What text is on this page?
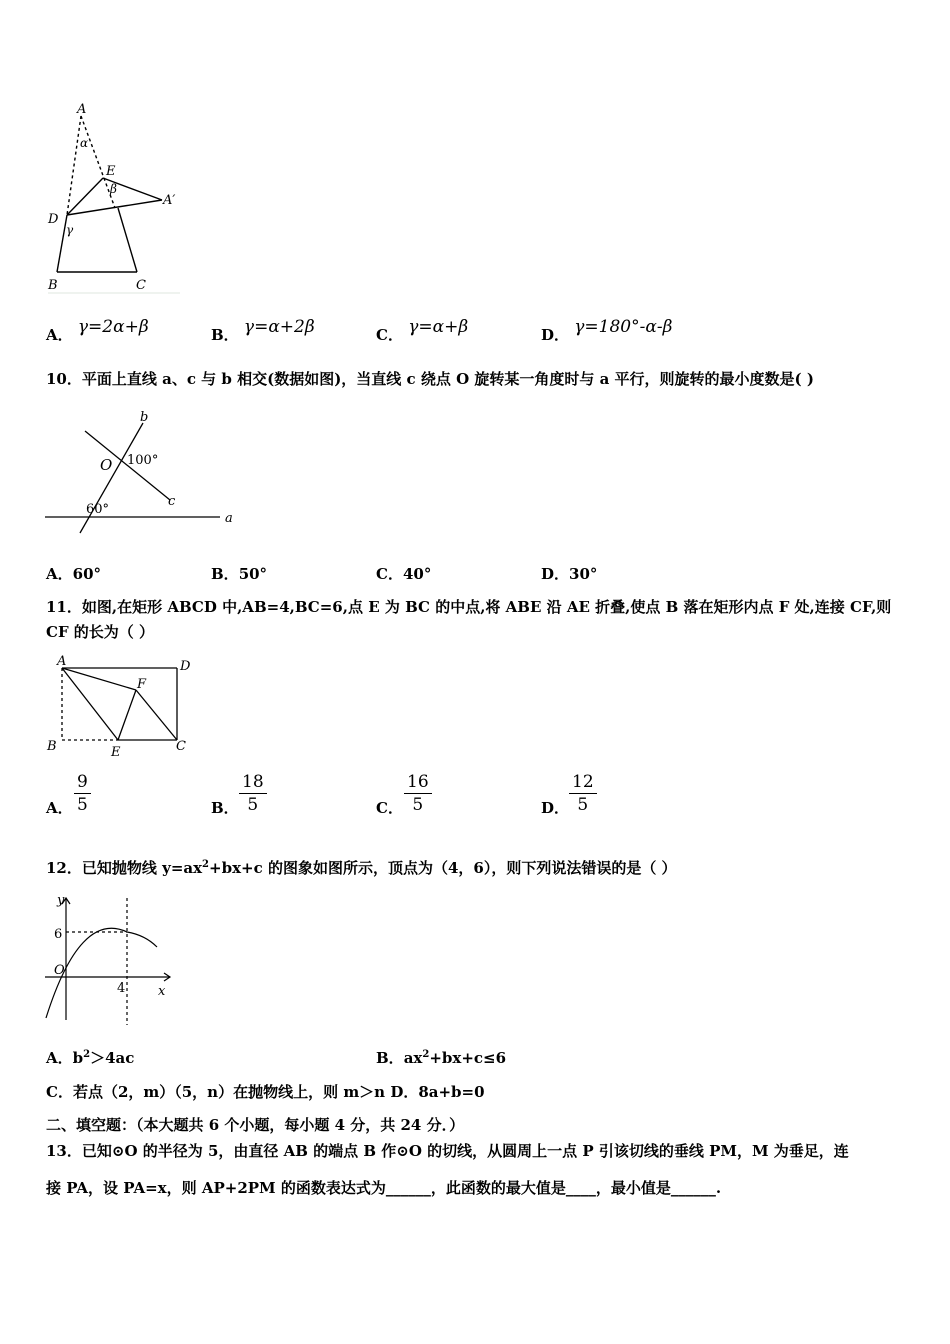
A
α
E
β
A′
D
γ
B	C
A． γ=2α+β	B． γ=α+2β	C． γ=α+β	D． γ=180°-α-β
10．平面上直线 a、c 与 b 相交(数据如图)，当直线 c 绕点 O 旋转某一角度时与 a 平行，则旋转的最小度数是( )
b
O 100°
c
60°
a
A．60°	B．50°	C．40°	D．30°
11．如图,在矩形 ABCD 中,AB=4,BC=6,点 E 为 BC 的中点,将 ABE 沿 AE 折叠,使点 B 落在矩形内点 F 处,连接 CF,则
CF 的长为（ ）
A	D
F
B	E	C
A． $\frac{9}{5}$	B． $\frac{18}{5}$	C． $\frac{16}{5}$	D． $\frac{12}{5}$
12．已知抛物线 $y=ax^2+bx+c$ 的图象如图所示，顶点为（4，6），则下列说法错误的是（ ）
y
6
O
4	x
A．$b^2>4ac$	B．$ax^2+bx+c\le 6$
C．若点（2，m）（5，n）在抛物线上，则 m＞n D．8a+b=0
二、填空题：（本大题共 6 个小题，每小题 4 分，共 24 分．）
13．已知⊙O 的半径为 5，由直径 AB 的端点 B 作⊙O 的切线，从圆周上一点 P 引该切线的垂线 PM，M 为垂足，连
接 PA，设 PA=x，则 AP+2PM 的函数表达式为______，此函数的最大值是____，最小值是______.
